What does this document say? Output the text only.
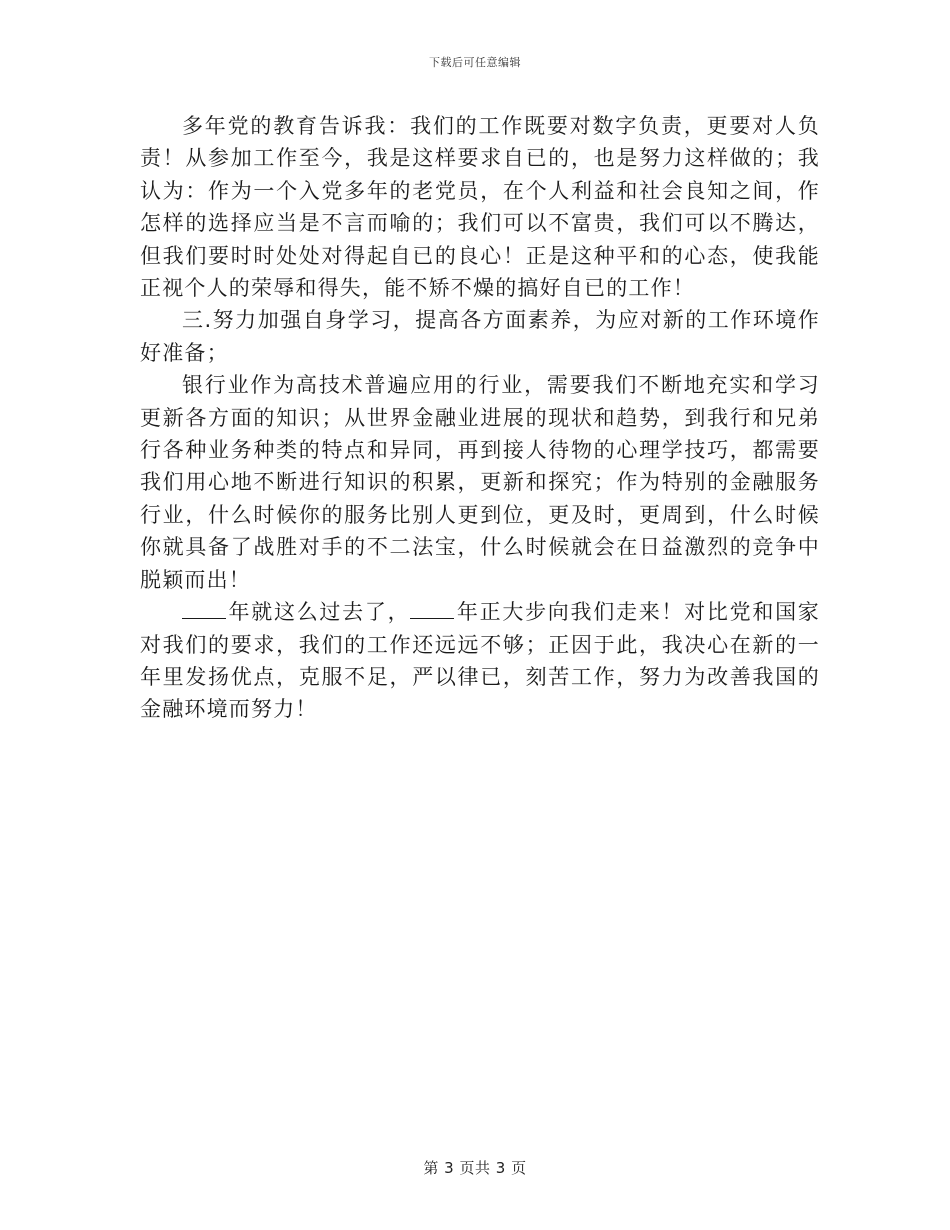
下载后可任意编辑

多年党的教育告诉我：我们的工作既要对数字负责，更要对人负责！从参加工作至今，我是这样要求自已的，也是努力这样做的；我认为：作为一个入党多年的老党员，在个人利益和社会良知之间，作怎样的选择应当是不言而喻的；我们可以不富贵，我们可以不腾达，但我们要时时处处对得起自已的良心！正是这种平和的心态，使我能正视个人的荣辱和得失，能不矫不燥的搞好自已的工作！

三.努力加强自身学习，提高各方面素养，为应对新的工作环境作好准备；

银行业作为高技术普遍应用的行业，需要我们不断地充实和学习更新各方面的知识；从世界金融业进展的现状和趋势，到我行和兄弟行各种业务种类的特点和异同，再到接人待物的心理学技巧，都需要我们用心地不断进行知识的积累，更新和探究；作为特别的金融服务行业，什么时候你的服务比别人更到位，更及时，更周到，什么时候你就具备了战胜对手的不二法宝，什么时候就会在日益激烈的竞争中脱颖而出！

年就这么过去了， 年正大步向我们走来！对比党和国家对我们的要求，我们的工作还远远不够；正因于此，我决心在新的一年里发扬优点，克服不足，严以律已，刻苦工作，努力为改善我国的金融环境而努力！

第 3 页共 3 页
